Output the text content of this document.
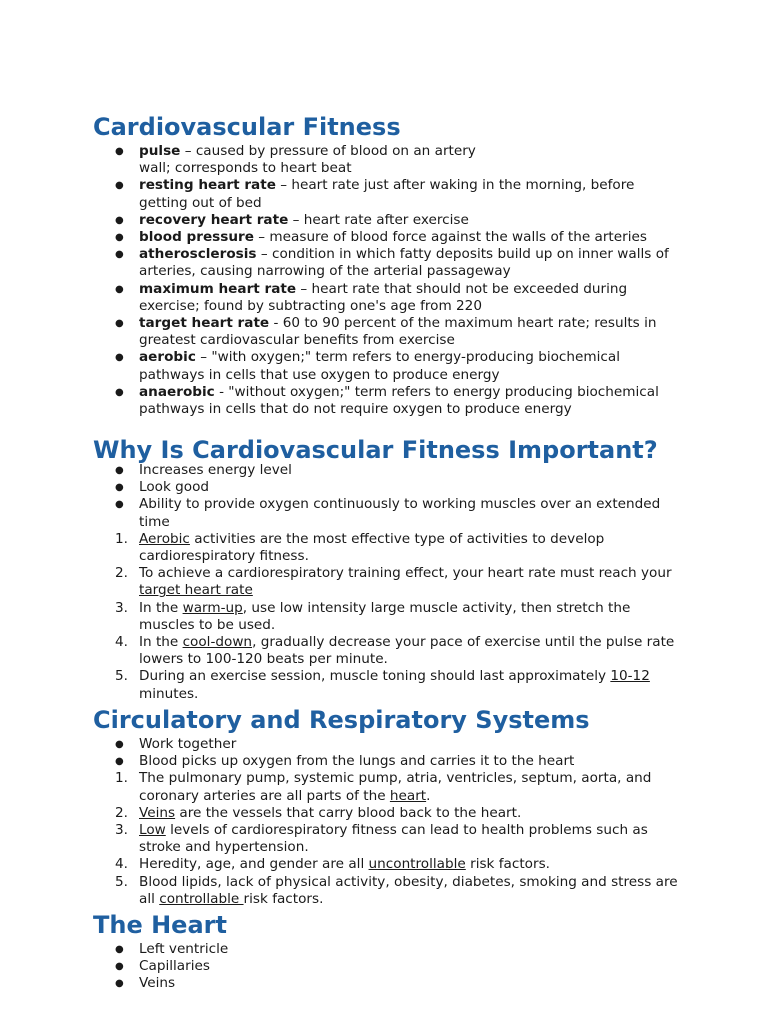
Cardiovascular Fitness
● pulse – caused by pressure of blood on an artery
wall; corresponds to heart beat
● resting heart rate – heart rate just after waking in the morning, before getting out of bed
● recovery heart rate – heart rate after exercise
● blood pressure – measure of blood force against the walls of the arteries
● atherosclerosis – condition in which fatty deposits build up on inner walls of arteries, causing narrowing of the arterial passageway
● maximum heart rate – heart rate that should not be exceeded during exercise; found by subtracting one's age from 220
● target heart rate - 60 to 90 percent of the maximum heart rate; results in greatest cardiovascular benefits from exercise
● aerobic – "with oxygen;" term refers to energy-producing biochemical pathways in cells that use oxygen to produce energy
● anaerobic - "without oxygen;" term refers to energy producing biochemical pathways in cells that do not require oxygen to produce energy
Why Is Cardiovascular Fitness Important?
● Increases energy level
● Look good
● Ability to provide oxygen continuously to working muscles over an extended time
1. Aerobic activities are the most effective type of activities to develop cardiorespiratory fitness.
2. To achieve a cardiorespiratory training effect, your heart rate must reach your target heart rate
3. In the warm-up, use low intensity large muscle activity, then stretch the muscles to be used.
4. In the cool-down, gradually decrease your pace of exercise until the pulse rate lowers to 100-120 beats per minute.
5. During an exercise session, muscle toning should last approximately 10-12 minutes.
Circulatory and Respiratory Systems
● Work together
● Blood picks up oxygen from the lungs and carries it to the heart
1. The pulmonary pump, systemic pump, atria, ventricles, septum, aorta, and coronary arteries are all parts of the heart.
2. Veins are the vessels that carry blood back to the heart.
3. Low levels of cardiorespiratory fitness can lead to health problems such as stroke and hypertension.
4. Heredity, age, and gender are all uncontrollable risk factors.
5. Blood lipids, lack of physical activity, obesity, diabetes, smoking and stress are all controllable risk factors.
The Heart
● Left ventricle
● Capillaries
● Veins
